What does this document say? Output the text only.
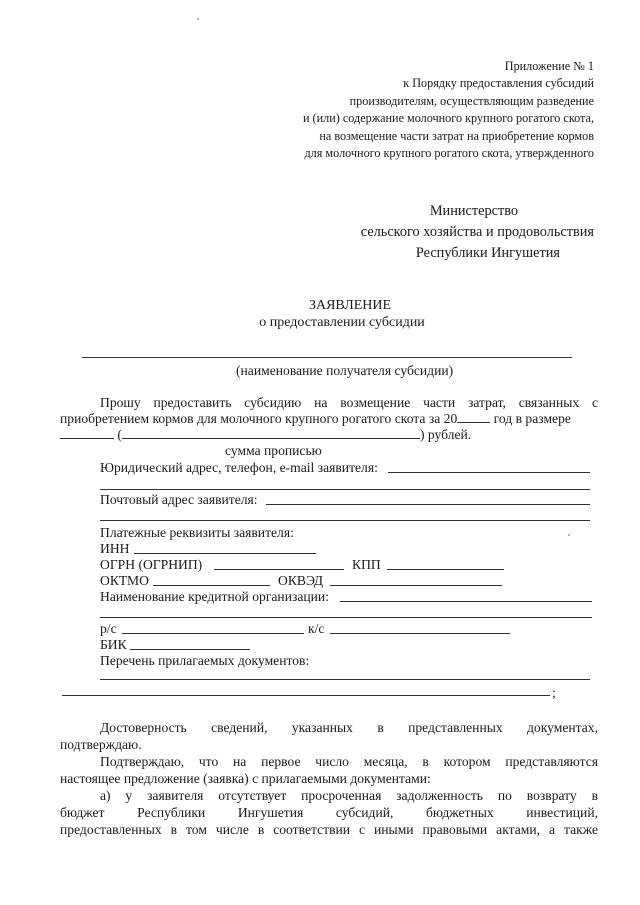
Приложение № 1
к Порядку предоставления субсидий
производителям, осуществляющим разведение
и (или) содержание молочного крупного рогатого скота,
на возмещение части затрат на приобретение кормов
для молочного крупного рогатого скота, утвержденного
Министерство
сельского хозяйства и продовольствия
Республики Ингушетия
ЗАЯВЛЕНИЕ
о предоставлении субсидии
(наименование получателя субсидии)
Прошу предоставить субсидию на возмещение части затрат, связанных с
приобретением кормов для молочного крупного рогатого скота за 20	год в размере
(	) рублей.
сумма прописью
Юридический адрес, телефон, e-mail заявителя:
Почтовый адрес заявителя:
Платежные реквизиты заявителя:
ИНН
ОГРН (ОГРНИП)	КПП
ОКТМО	ОКВЭД
Наименование кредитной организации:
р/с	к/с
БИК
Перечень прилагаемых документов:
;
Достоверность сведений, указанных в представленных документах,
подтверждаю.
Подтверждаю, что на первое число месяца, в котором представляются
настоящее предложение (заявка) с прилагаемыми документами:
а) у заявителя отсутствует просроченная задолженность по возврату в
бюджет Республики Ингушетия субсидий, бюджетных инвестиций,
предоставленных в том числе в соответствии с иными правовыми актами, а также
